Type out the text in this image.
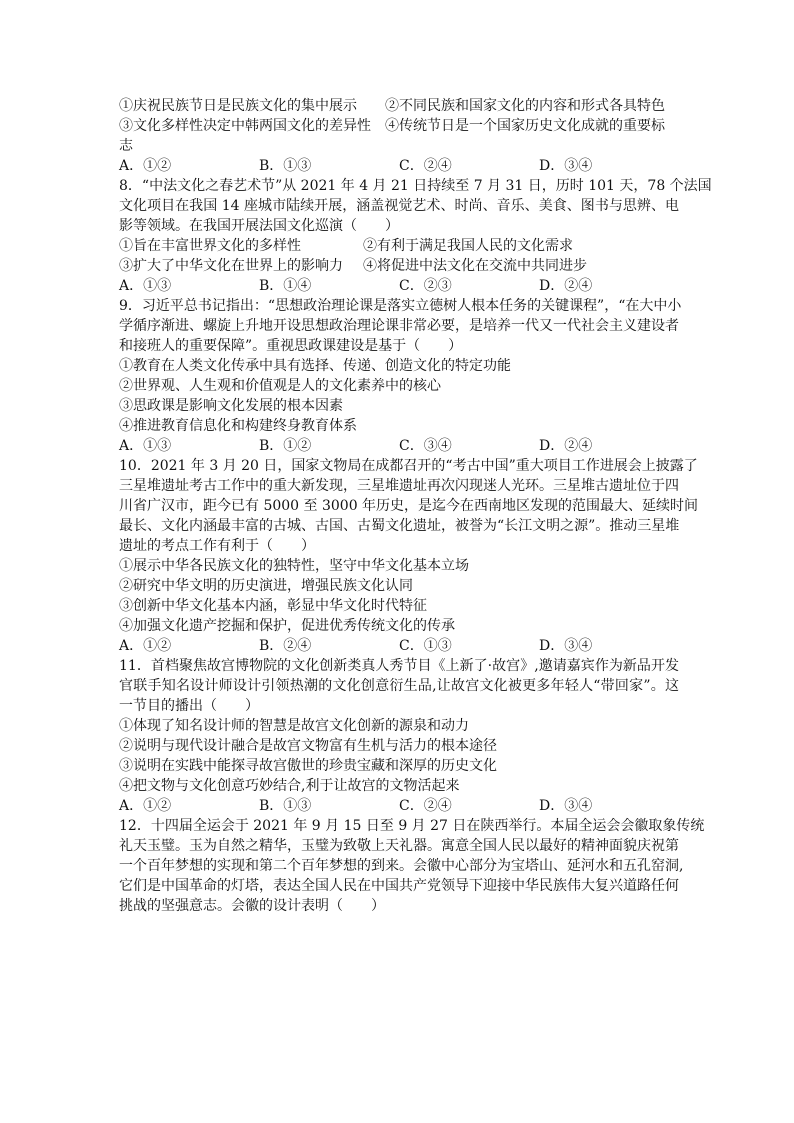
①庆祝民族节日是民族文化的集中展示 ②不同民族和国家文化的内容和形式各具特色
③文化多样性决定中韩两国文化的差异性 ④传统节日是一个国家历史文化成就的重要标
志
A．①②	B．①③	C．②④	D．③④
8．“中法文化之春艺术节”从 2021 年 4 月 21 日持续至 7 月 31 日，历时 101 天，78 个法国
文化项目在我国 14 座城市陆续开展，涵盖视觉艺术、时尚、音乐、美食、图书与思辨、电
影等领域。在我国开展法国文化巡演（　　）
①旨在丰富世界文化的多样性	②有利于满足我国人民的文化需求
③扩大了中华文化在世界上的影响力 ④将促进中法文化在交流中共同进步
A．①③	B．①④	C．②③	D．②④
9．习近平总书记指出：“思想政治理论课是落实立德树人根本任务的关键课程”，“在大中小
学循序渐进、螺旋上升地开设思想政治理论课非常必要，是培养一代又一代社会主义建设者
和接班人的重要保障”。重视思政课建设是基于（　　）
①教育在人类文化传承中具有选择、传递、创造文化的特定功能
②世界观、人生观和价值观是人的文化素养中的核心
③思政课是影响文化发展的根本因素
④推进教育信息化和构建终身教育体系
A．①③	B．①②	C．③④	D．②④
10．2021 年 3 月 20 日，国家文物局在成都召开的“考古中国”重大项目工作进展会上披露了
三星堆遗址考古工作中的重大新发现，三星堆遗址再次闪现迷人光环。三星堆古遗址位于四
川省广汉市，距今已有 5000 至 3000 年历史，是迄今在西南地区发现的范围最大、延续时间
最长、文化内涵最丰富的古城、古国、古蜀文化遗址，被誉为“长江文明之源”。推动三星堆
遗址的考点工作有利于（　　）
①展示中华各民族文化的独特性，坚守中华文化基本立场
②研究中华文明的历史演进，增强民族文化认同
③创新中华文化基本内涵，彰显中华文化时代特征
④加强文化遗产挖掘和保护，促进优秀传统文化的传承
A．①②	B．②④	C．①③	D．③④
11．首档聚焦故宫博物院的文化创新类真人秀节目《上新了·故宫》,邀请嘉宾作为新品开发
官联手知名设计师设计引领热潮的文化创意衍生品,让故宫文化被更多年轻人“带回家”。这
一节目的播出（　　）
①体现了知名设计师的智慧是故宫文化创新的源泉和动力
②说明与现代设计融合是故宫文物富有生机与活力的根本途径
③说明在实践中能探寻故宫傲世的珍贵宝藏和深厚的历史文化
④把文物与文化创意巧妙结合,利于让故宫的文物活起来
A．①②	B．①③	C．②④	D．③④
12．十四届全运会于 2021 年 9 月 15 日至 9 月 27 日在陕西举行。本届全运会会徽取象传统
礼天玉璧。玉为自然之精华，玉璧为致敬上天礼器。寓意全国人民以最好的精神面貌庆祝第
一个百年梦想的实现和第二个百年梦想的到来。会徽中心部分为宝塔山、延河水和五孔窑洞,
它们是中国革命的灯塔，表达全国人民在中国共产党领导下迎接中华民族伟大复兴道路任何
挑战的坚强意志。会徽的设计表明（　　）
